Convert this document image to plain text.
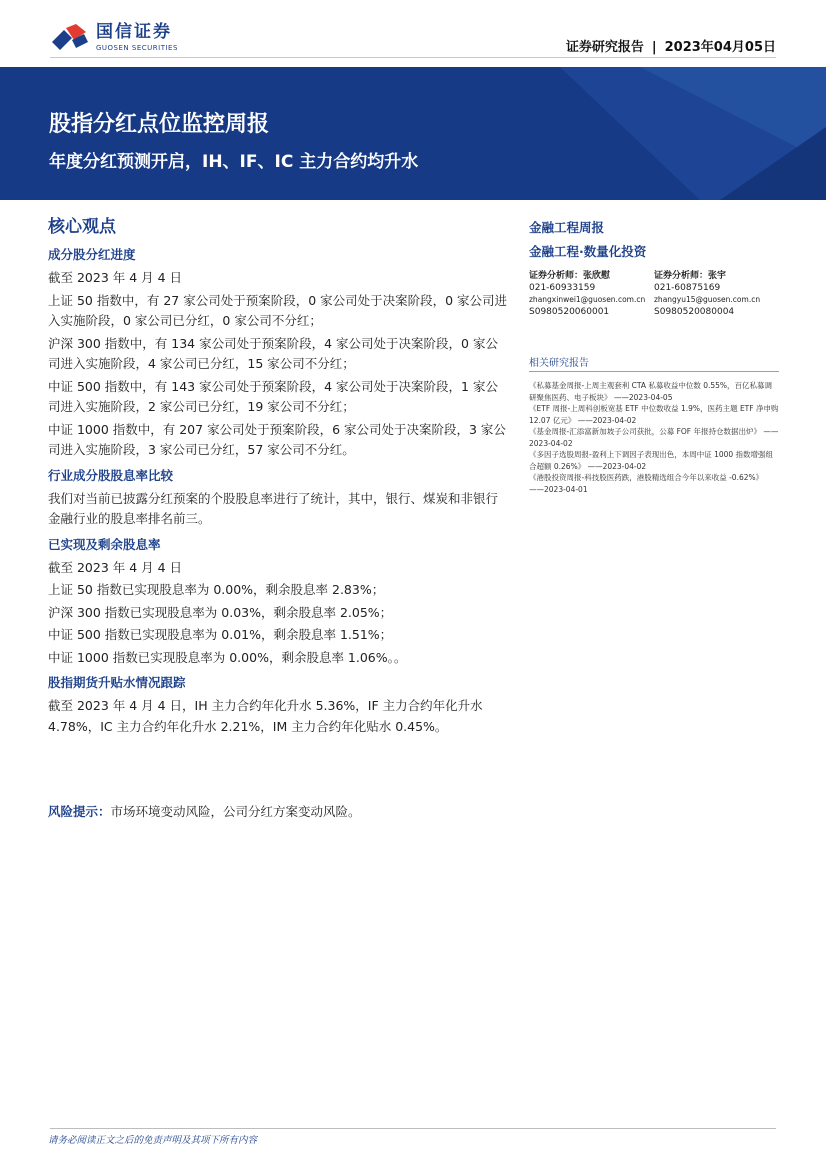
国信证券
GUOSEN SECURITIES	证券研究报告 | 2023年04月05日
股指分红点位监控周报
年度分红预测开启，IH、IF、IC 主力合约均升水
核心观点
成分股分红进度
截至 2023 年 4 月 4 日
上证 50 指数中，有 27 家公司处于预案阶段，0 家公司处于决案阶段，0 家公司进入实施阶段，0 家公司已分红，0 家公司不分红；
沪深 300 指数中，有 134 家公司处于预案阶段，4 家公司处于决案阶段，0 家公司进入实施阶段，4 家公司已分红，15 家公司不分红；
中证 500 指数中，有 143 家公司处于预案阶段，4 家公司处于决案阶段，1 家公司进入实施阶段，2 家公司已分红，19 家公司不分红；
中证 1000 指数中，有 207 家公司处于预案阶段，6 家公司处于决案阶段，3 家公司进入实施阶段，3 家公司已分红，57 家公司不分红。
行业成分股股息率比较
我们对当前已披露分红预案的个股股息率进行了统计，其中，银行、煤炭和非银行金融行业的股息率排名前三。
已实现及剩余股息率
截至 2023 年 4 月 4 日
上证 50 指数已实现股息率为 0.00%，剩余股息率 2.83%；
沪深 300 指数已实现股息率为 0.03%，剩余股息率 2.05%；
中证 500 指数已实现股息率为 0.01%，剩余股息率 1.51%；
中证 1000 指数已实现股息率为 0.00%，剩余股息率 1.06%。。
股指期货升贴水情况跟踪
截至 2023 年 4 月 4 日，IH 主力合约年化升水 5.36%，IF 主力合约年化升水 4.78%，IC 主力合约年化升水 2.21%，IM 主力合约年化贴水 0.45%。
风险提示：市场环境变动风险，公司分红方案变动风险。
金融工程周报
金融工程·数量化投资
证券分析师：张欣慰
021-60933159
zhangxinwei1@guosen.com.cn
S0980520060001
证券分析师：张宇
021-60875169
zhangyu15@guosen.com.cn
S0980520080004
相关研究报告
《私募基金周报-上周主观套利 CTA 私募收益中位数 0.55%，百亿私募调研聚焦医药、电子板块》 ——2023-04-05
《ETF 周报-上周科创板宽基 ETF 中位数收益 1.9%，医药主题 ETF 净申购 12.07 亿元》 ——2023-04-02
《基金周报-汇添富新加坡子公司获批，公募 FOF 年报持仓数据出炉》 ——2023-04-02
《多因子选股周报-盈利上下调因子表现出色，本周中证 1000 指数增强组合超额 0.26%》 ——2023-04-02
《港股投资周报-科技股医药跌，港股精选组合今年以来收益 -0.62%》 ——2023-04-01
请务必阅读正文之后的免责声明及其项下所有内容
